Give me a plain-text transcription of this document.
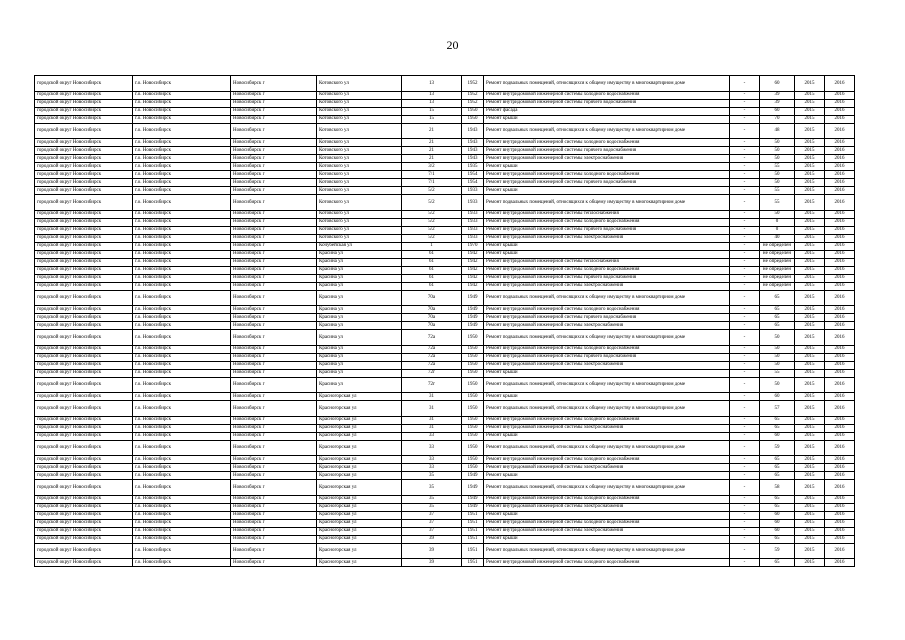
20
городской округ Новосибирск	г.о. Новосибирск	Новосибирск г	Котовского ул	13	1952	Ремонт подвальных помещений, относящихся к общему имуществу в многоквартирном доме	-	60	2015	2016
городской округ Новосибирск	г.о. Новосибирск	Новосибирск г	Котовского ул	13	1952	Ремонт внутридомовой инженерной системы холодного водоснабжения	-	39	2015	2016
городской округ Новосибирск	г.о. Новосибирск	Новосибирск г	Котовского ул	13	1952	Ремонт внутридомовой инженерной системы горячего водоснабжения	-	39	2015	2016
городской округ Новосибирск	г.о. Новосибирск	Новосибирск г	Котовского ул	15	1950	Ремонт фасада	-	60	2015	2016
городской округ Новосибирск	г.о. Новосибирск	Новосибирск г	Котовского ул	15	1950	Ремонт крыши	-	70	2015	2016
городской округ Новосибирск	г.о. Новосибирск	Новосибирск г	Котовского ул	21	1943	Ремонт подвальных помещений, относящихся к общему имуществу в многоквартирном доме	-	48	2015	2016
городской округ Новосибирск	г.о. Новосибирск	Новосибирск г	Котовского ул	21	1943	Ремонт внутридомовой инженерной системы холодного водоснабжения	-	50	2015	2016
городской округ Новосибирск	г.о. Новосибирск	Новосибирск г	Котовского ул	21	1943	Ремонт внутридомовой инженерной системы горячего водоснабжения	-	50	2015	2016
городской округ Новосибирск	г.о. Новосибирск	Новосибирск г	Котовского ул	21	1943	Ремонт внутридомовой инженерной системы электроснабжения	-	50	2015	2016
городской округ Новосибирск	г.о. Новосибирск	Новосибирск г	Котовского ул	3/2	1935	Ремонт крыши	-	55	2015	2016
городской округ Новосибирск	г.о. Новосибирск	Новосибирск г	Котовского ул	7/1	1954	Ремонт внутридомовой инженерной системы холодного водоснабжения	-	50	2015	2016
городской округ Новосибирск	г.о. Новосибирск	Новосибирск г	Котовского ул	7/1	1954	Ремонт внутридомовой инженерной системы горячего водоснабжения	-	50	2015	2016
городской округ Новосибирск	г.о. Новосибирск	Новосибирск г	Котовского ул	5/2	1933	Ремонт крыши	-	55	2015	2016
городской округ Новосибирск	г.о. Новосибирск	Новосибирск г	Котовского ул	5/2	1933	Ремонт подвальных помещений, относящихся к общему имуществу в многоквартирном доме	-	55	2015	2016
городской округ Новосибирск	г.о. Новосибирск	Новосибирск г	Котовского ул	5/2	1933	Ремонт внутридомовой инженерной системы теплоснабжения	-	50	2015	2016
городской округ Новосибирск	г.о. Новосибирск	Новосибирск г	Котовского ул	5/2	1933	Ремонт внутридомовой инженерной системы холодного водоснабжения	-	0	2015	2016
городской округ Новосибирск	г.о. Новосибирск	Новосибирск г	Котовского ул	5/2	1933	Ремонт внутридомовой инженерной системы горячего водоснабжения	-	0	2015	2016
городской округ Новосибирск	г.о. Новосибирск	Новосибирск г	Котовского ул	5/2	1933	Ремонт внутридомовой инженерной системы электроснабжения	-	40	2015	2016
городской округ Новосибирск	г.о. Новосибирск	Новосибирск г	Кочубейская ул	1	1970	Ремонт крыши	-	не определен	2015	2016
городской округ Новосибирск	г.о. Новосибирск	Новосибирск г	Красина ул	61	1942	Ремонт крыши	-	не определен	2015	2016
городской округ Новосибирск	г.о. Новосибирск	Новосибирск г	Красина ул	61	1942	Ремонт внутридомовой инженерной системы теплоснабжения	-	не определен	2015	2016
городской округ Новосибирск	г.о. Новосибирск	Новосибирск г	Красина ул	61	1942	Ремонт внутридомовой инженерной системы холодного водоснабжения	-	не определен	2015	2016
городской округ Новосибирск	г.о. Новосибирск	Новосибирск г	Красина ул	61	1942	Ремонт внутридомовой инженерной системы горячего водоснабжения	-	не определен	2015	2016
городской округ Новосибирск	г.о. Новосибирск	Новосибирск г	Красина ул	61	1942	Ремонт внутридомовой инженерной системы электроснабжения	-	не определен	2015	2016
городской округ Новосибирск	г.о. Новосибирск	Новосибирск г	Красина ул	70а	1949	Ремонт подвальных помещений, относящихся к общему имуществу в многоквартирном доме	-	65	2015	2016
городской округ Новосибирск	г.о. Новосибирск	Новосибирск г	Красина ул	70а	1949	Ремонт внутридомовой инженерной системы холодного водоснабжения	-	65	2015	2016
городской округ Новосибирск	г.о. Новосибирск	Новосибирск г	Красина ул	70а	1949	Ремонт внутридомовой инженерной системы горячего водоснабжения	-	65	2015	2016
городской округ Новосибирск	г.о. Новосибирск	Новосибирск г	Красина ул	70а	1949	Ремонт внутридомовой инженерной системы электроснабжения	-	65	2015	2016
городской округ Новосибирск	г.о. Новосибирск	Новосибирск г	Красина ул	72а	1950	Ремонт подвальных помещений, относящихся к общему имуществу в многоквартирном доме	-	50	2015	2016
городской округ Новосибирск	г.о. Новосибирск	Новосибирск г	Красина ул	72а	1950	Ремонт внутридомовой инженерной системы холодного водоснабжения	-	50	2015	2016
городской округ Новосибирск	г.о. Новосибирск	Новосибирск г	Красина ул	72а	1950	Ремонт внутридомовой инженерной системы горячего водоснабжения	-	50	2015	2016
городской округ Новосибирск	г.о. Новосибирск	Новосибирск г	Красина ул	72а	1950	Ремонт внутридомовой инженерной системы электроснабжения	-	50	2015	2016
городской округ Новосибирск	г.о. Новосибирск	Новосибирск г	Красина ул	72г	1950	Ремонт крыши	-	55	2015	2016
городской округ Новосибирск	г.о. Новосибирск	Новосибирск г	Красина ул	72г	1950	Ремонт подвальных помещений, относящихся к общему имуществу в многоквартирном доме	-	50	2015	2016
городской округ Новосибирск	г.о. Новосибирск	Новосибирск г	Красногорская ул	31	1950	Ремонт крыши	-	60	2015	2016
городской округ Новосибирск	г.о. Новосибирск	Новосибирск г	Красногорская ул	31	1950	Ремонт подвальных помещений, относящихся к общему имуществу в многоквартирном доме	-	57	2015	2016
городской округ Новосибирск	г.о. Новосибирск	Новосибирск г	Красногорская ул	31	1950	Ремонт внутридомовой инженерной системы холодного водоснабжения	-	65	2015	2016
городской округ Новосибирск	г.о. Новосибирск	Новосибирск г	Красногорская ул	31	1950	Ремонт внутридомовой инженерной системы электроснабжения	-	65	2015	2016
городской округ Новосибирск	г.о. Новосибирск	Новосибирск г	Красногорская ул	33	1950	Ремонт крыши	-	60	2015	2016
городской округ Новосибирск	г.о. Новосибирск	Новосибирск г	Красногорская ул	33	1950	Ремонт подвальных помещений, относящихся к общему имуществу в многоквартирном доме	-	59	2015	2016
городской округ Новосибирск	г.о. Новосибирск	Новосибирск г	Красногорская ул	33	1950	Ремонт внутридомовой инженерной системы холодного водоснабжения	-	65	2015	2016
городской округ Новосибирск	г.о. Новосибирск	Новосибирск г	Красногорская ул	33	1950	Ремонт внутридомовой инженерной системы электроснабжения	-	65	2015	2016
городской округ Новосибирск	г.о. Новосибирск	Новосибирск г	Красногорская ул	35	1949	Ремонт крыши	-	65	2015	2016
городской округ Новосибирск	г.о. Новосибирск	Новосибирск г	Красногорская ул	35	1949	Ремонт подвальных помещений, относящихся к общему имуществу в многоквартирном доме	-	58	2015	2016
городской округ Новосибирск	г.о. Новосибирск	Новосибирск г	Красногорская ул	35	1949	Ремонт внутридомовой инженерной системы холодного водоснабжения	-	65	2015	2016
городской округ Новосибирск	г.о. Новосибирск	Новосибирск г	Красногорская ул	35	1949	Ремонт внутридомовой инженерной системы электроснабжения	-	65	2015	2016
городской округ Новосибирск	г.о. Новосибирск	Новосибирск г	Красногорская ул	37	1951	Ремонт крыши	-	60	2015	2016
городской округ Новосибирск	г.о. Новосибирск	Новосибирск г	Красногорская ул	37	1951	Ремонт внутридомовой инженерной системы холодного водоснабжения	-	60	2015	2016
городской округ Новосибирск	г.о. Новосибирск	Новосибирск г	Красногорская ул	37	1951	Ремонт внутридомовой инженерной системы электроснабжения	-	60	2015	2016
городской округ Новосибирск	г.о. Новосибирск	Новосибирск г	Красногорская ул	39	1951	Ремонт крыши	-	65	2015	2016
городской округ Новосибирск	г.о. Новосибирск	Новосибирск г	Красногорская ул	39	1951	Ремонт подвальных помещений, относящихся к общему имуществу в многоквартирном доме	-	59	2015	2016
городской округ Новосибирск	г.о. Новосибирск	Новосибирск г	Красногорская ул	39	1951	Ремонт внутридомовой инженерной системы холодного водоснабжения	-	65	2015	2016
